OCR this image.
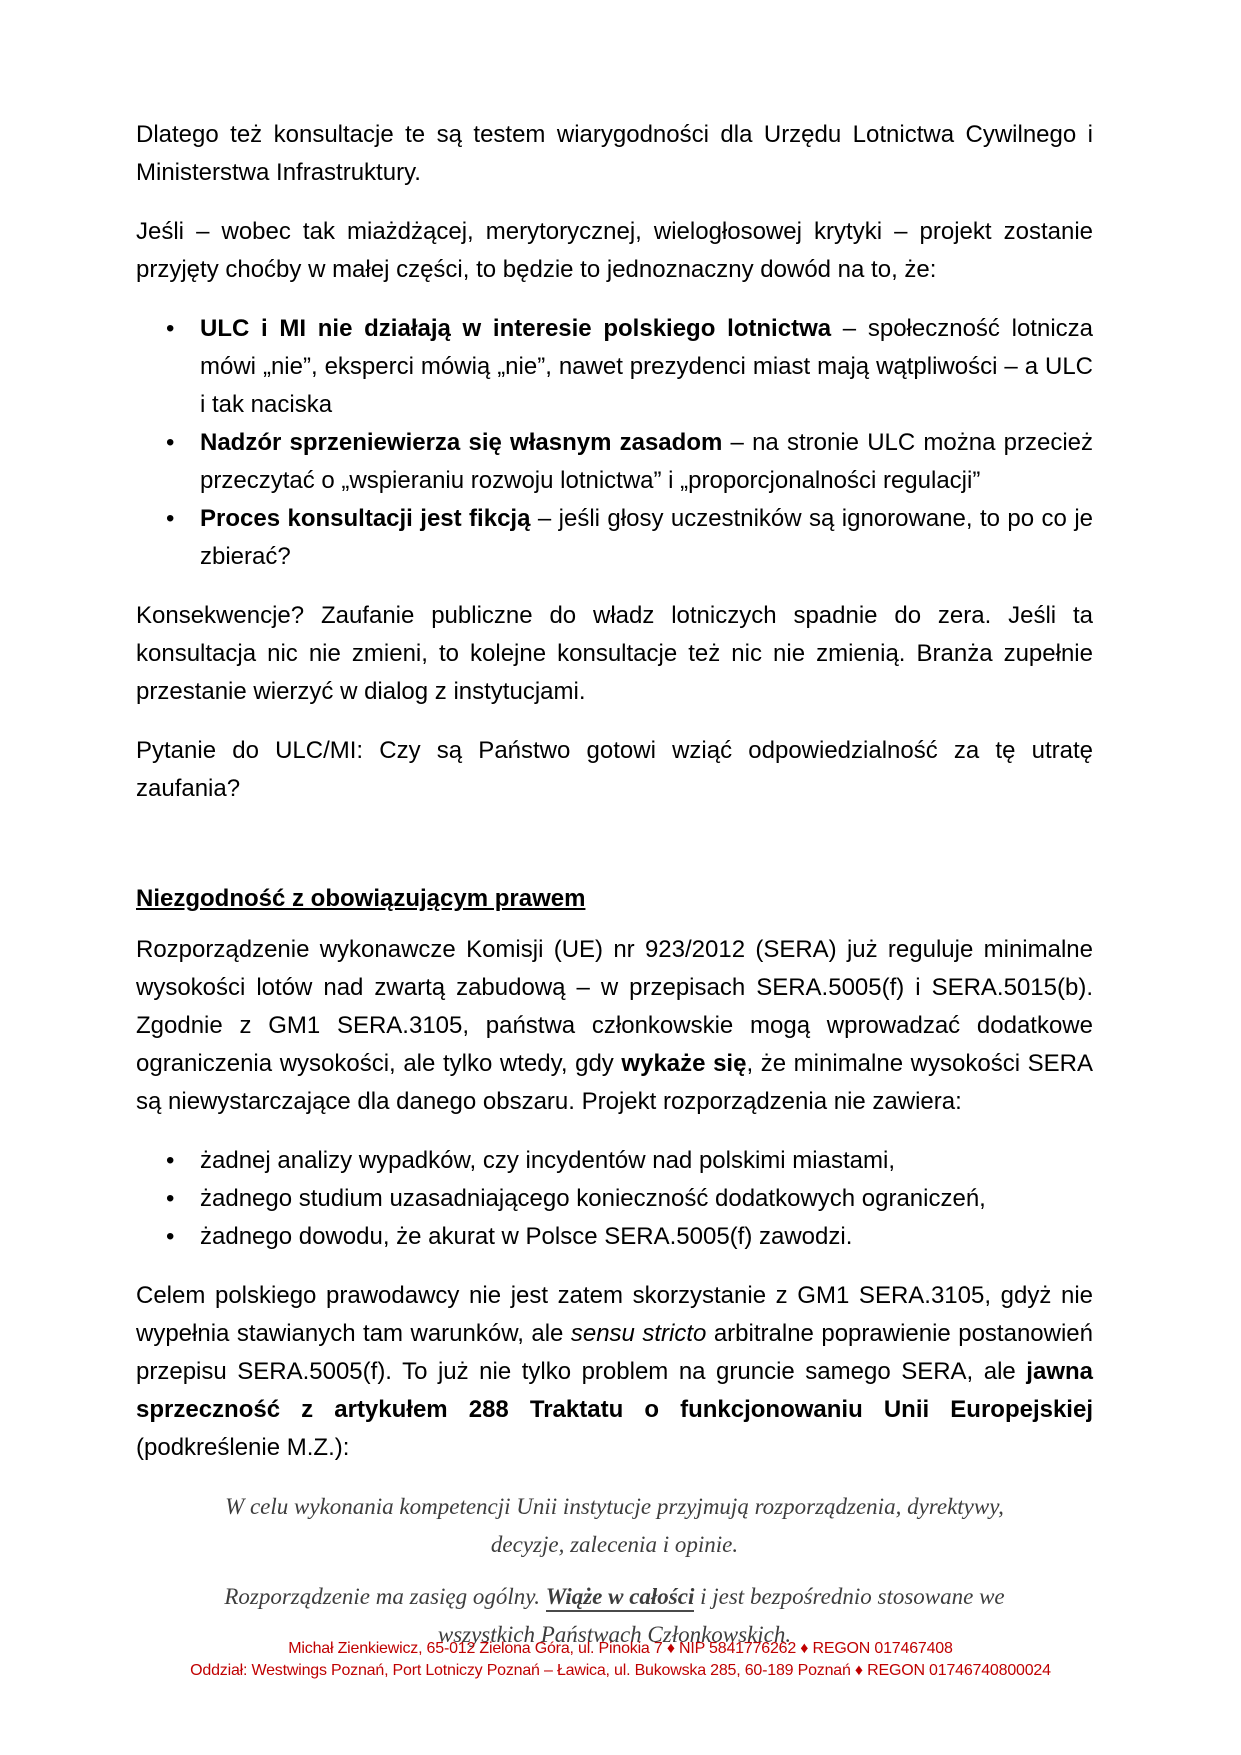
Dlatego też konsultacje te są testem wiarygodności dla Urzędu Lotnictwa Cywilnego i Ministerstwa Infrastruktury.

Jeśli – wobec tak miażdżącej, merytorycznej, wielogłosowej krytyki – projekt zostanie przyjęty choćby w małej części, to będzie to jednoznaczny dowód na to, że:

• ULC i MI nie działają w interesie polskiego lotnictwa – społeczność lotnicza mówi „nie”, eksperci mówią „nie”, nawet prezydenci miast mają wątpliwości – a ULC i tak naciska
• Nadzór sprzeniewierza się własnym zasadom – na stronie ULC można przecież przeczytać o „wspieraniu rozwoju lotnictwa” i „proporcjonalności regulacji”
• Proces konsultacji jest fikcją – jeśli głosy uczestników są ignorowane, to po co je zbierać?

Konsekwencje? Zaufanie publiczne do władz lotniczych spadnie do zera. Jeśli ta konsultacja nic nie zmieni, to kolejne konsultacje też nic nie zmienią. Branża zupełnie przestanie wierzyć w dialog z instytucjami.

Pytanie do ULC/MI: Czy są Państwo gotowi wziąć odpowiedzialność za tę utratę zaufania?

Niezgodność z obowiązującym prawem

Rozporządzenie wykonawcze Komisji (UE) nr 923/2012 (SERA) już reguluje minimalne wysokości lotów nad zwartą zabudową – w przepisach SERA.5005(f) i SERA.5015(b). Zgodnie z GM1 SERA.3105, państwa członkowskie mogą wprowadzać dodatkowe ograniczenia wysokości, ale tylko wtedy, gdy wykaże się, że minimalne wysokości SERA są niewystarczające dla danego obszaru. Projekt rozporządzenia nie zawiera:

• żadnej analizy wypadków, czy incydentów nad polskimi miastami,
• żadnego studium uzasadniającego konieczność dodatkowych ograniczeń,
• żadnego dowodu, że akurat w Polsce SERA.5005(f) zawodzi.

Celem polskiego prawodawcy nie jest zatem skorzystanie z GM1 SERA.3105, gdyż nie wypełnia stawianych tam warunków, ale sensu stricto arbitralne poprawienie postanowień przepisu SERA.5005(f). To już nie tylko problem na gruncie samego SERA, ale jawna sprzeczność z artykułem 288 Traktatu o funkcjonowaniu Unii Europejskiej (podkreślenie M.Z.):

W celu wykonania kompetencji Unii instytucje przyjmują rozporządzenia, dyrektywy, decyzje, zalecenia i opinie.

Rozporządzenie ma zasięg ogólny. Wiąże w całości i jest bezpośrednio stosowane we wszystkich Państwach Członkowskich.

Michał Zienkiewicz, 65-012 Zielona Góra, ul. Pinokia 7 ♦ NIP 5841776262 ♦ REGON 017467408
Oddział: Westwings Poznań, Port Lotniczy Poznań – Ławica, ul. Bukowska 285, 60-189 Poznań ♦ REGON 01746740800024
